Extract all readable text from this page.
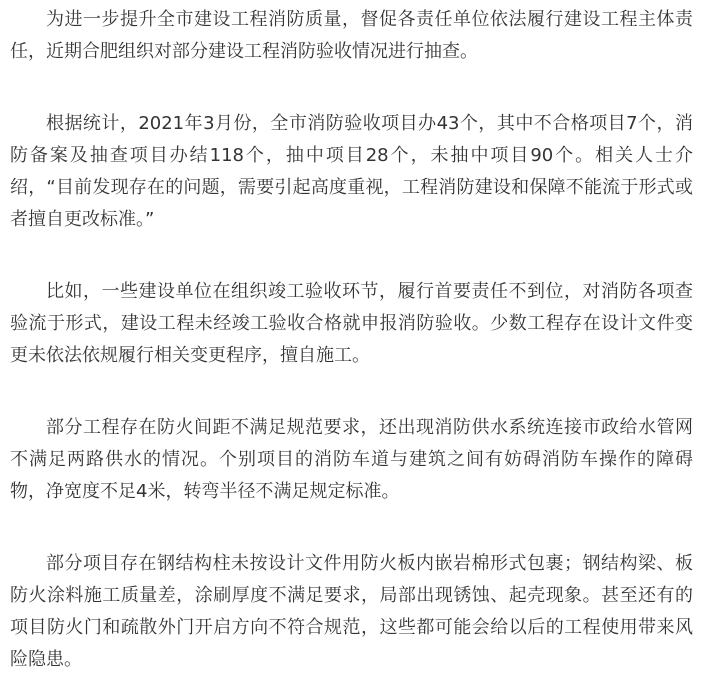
为进一步提升全市建设工程消防质量，督促各责任单位依法履行建设工程主体责任，近期合肥组织对部分建设工程消防验收情况进行抽查。

根据统计，2021年3月份，全市消防验收项目办43个，其中不合格项目7个，消防备案及抽查项目办结118个，抽中项目28个，未抽中项目90个。相关人士介绍，“目前发现存在的问题，需要引起高度重视，工程消防建设和保障不能流于形式或者擅自更改标准。”

比如，一些建设单位在组织竣工验收环节，履行首要责任不到位，对消防各项查验流于形式，建设工程未经竣工验收合格就申报消防验收。少数工程存在设计文件变更未依法依规履行相关变更程序，擅自施工。

部分工程存在防火间距不满足规范要求，还出现消防供水系统连接市政给水管网不满足两路供水的情况。个别项目的消防车道与建筑之间有妨碍消防车操作的障碍物，净宽度不足4米，转弯半径不满足规定标准。

部分项目存在钢结构柱未按设计文件用防火板内嵌岩棉形式包裹；钢结构梁、板防火涂料施工质量差，涂刷厚度不满足要求，局部出现锈蚀、起壳现象。甚至还有的项目防火门和疏散外门开启方向不符合规范，这些都可能会给以后的工程使用带来风险隐患。
